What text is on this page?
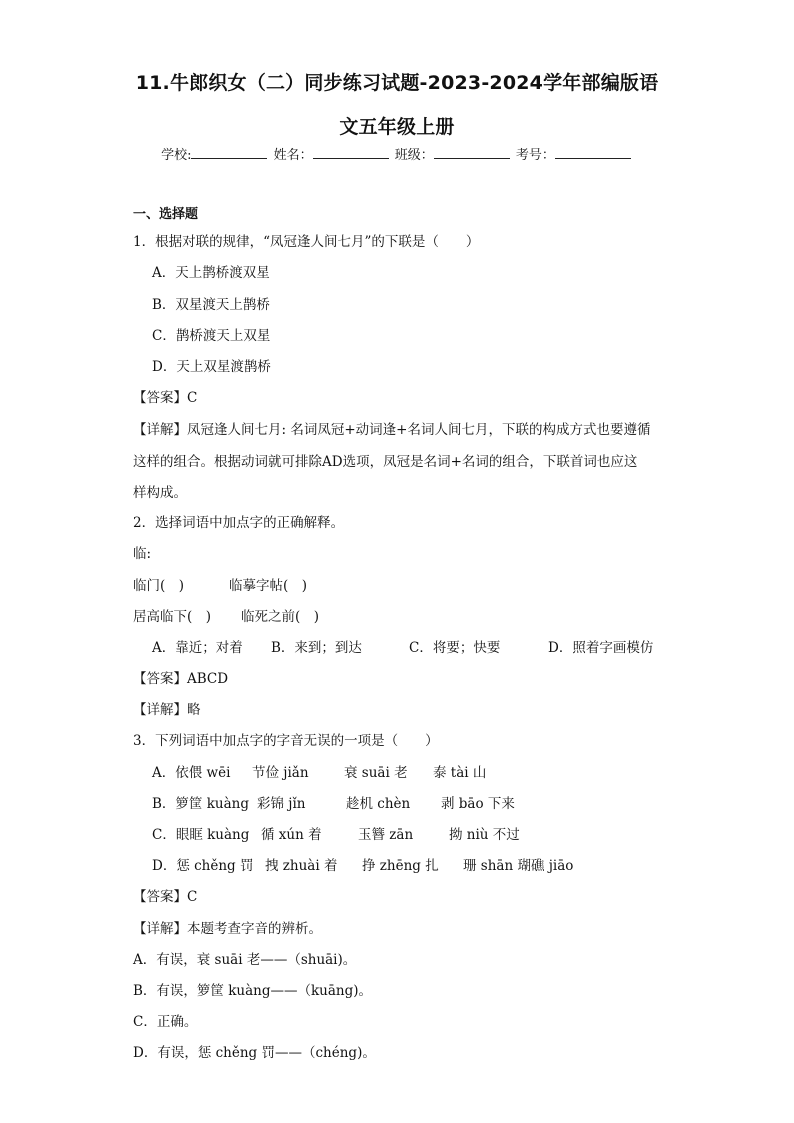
11.牛郎织女（二）同步练习试题-2023-2024学年部编版语
文五年级上册
学校:	姓名：	班级：	考号：
一、选择题
1．根据对联的规律，“凤冠逢人间七月”的下联是（　　）
A．天上鹊桥渡双星
B．双星渡天上鹊桥
C．鹊桥渡天上双星
D．天上双星渡鹊桥
【答案】C
【详解】凤冠逢人间七月: 名词凤冠+动词逢+名词人间七月，下联的构成方式也要遵循
这样的组合。根据动词就可排除AD选项，凤冠是名词+名词的组合，下联首词也应这
样构成。
2．选择词语中加点字的正确解释。
临:
临门(　)	临摹字帖(　)
居高临下(　) 临死之前(　)
A．靠近；对着 B．来到；到达	C．将要；快要	D．照着字画模仿
【答案】ABCD
【详解】略
3．下列词语中加点字的字音无误的一项是（　　）
A．依偎 wēi 节俭 jiǎn	衰 suāi 老 泰 tài 山
B．箩筐 kuàng 彩锦 jǐn	趁机 chèn 剥 bāo 下来
C．眼眶 kuàng 循 xún 着	玉簪 zān	拗 niù 不过
D．惩 chěng 罚 拽 zhuài 着 挣 zhēng 扎 珊 shān 瑚礁 jiāo
【答案】C
【详解】本题考查字音的辨析。
A．有误，衰 suāi 老——（shuāi)。
B．有误，箩筐 kuàng——（kuāng)。
C．正确。
D．有误，惩 chěng 罚——（chéng)。
